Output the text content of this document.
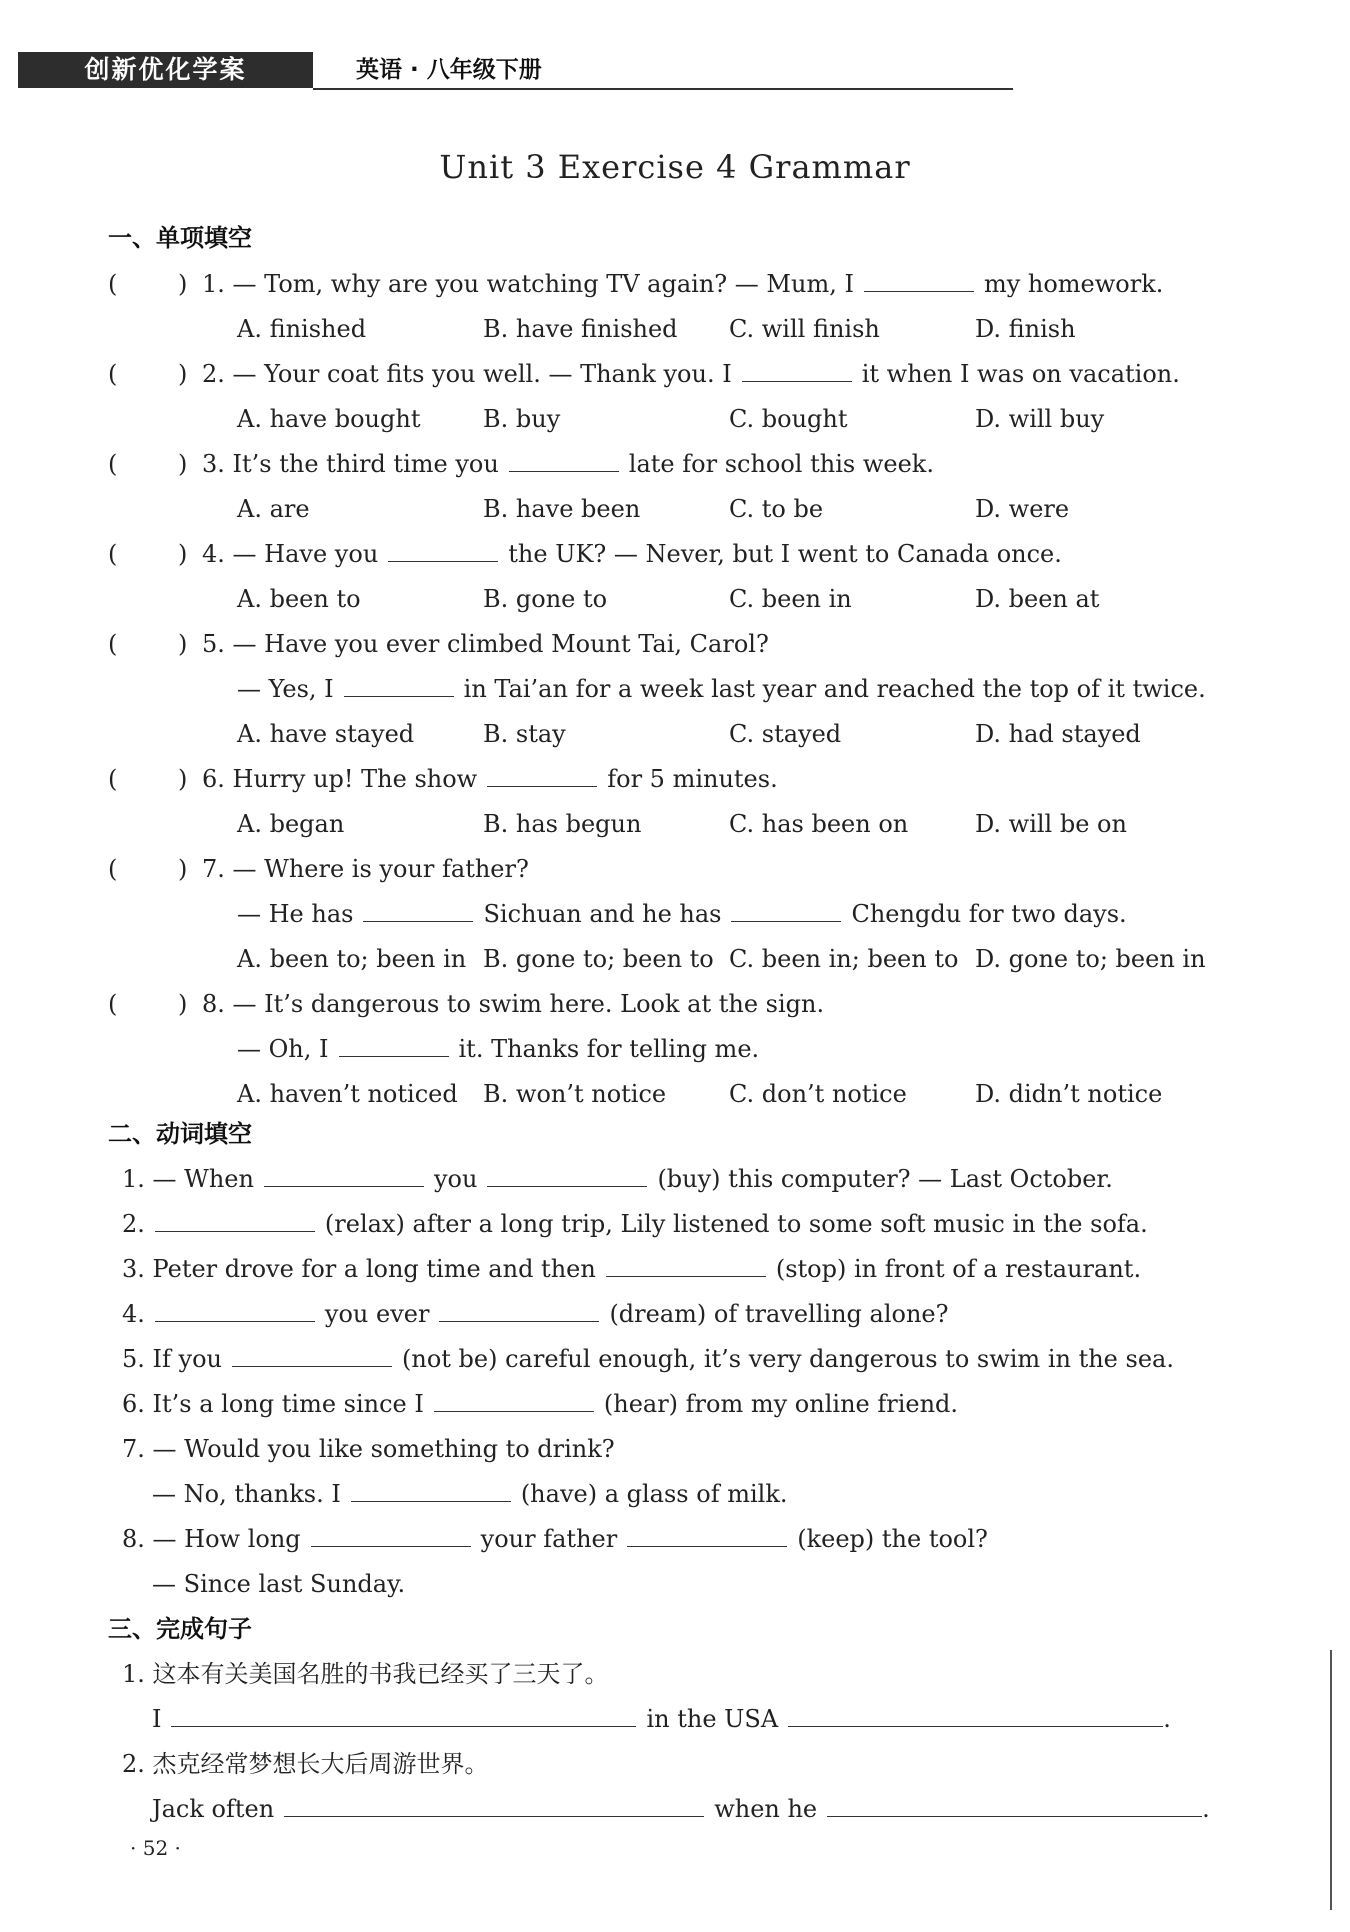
创新优化学案	英语 · 八年级下册
Unit 3 Exercise 4 Grammar
一、单项填空
(	) 1. — Tom, why are you watching TV again? — Mum, I	my homework.
A. finished	B. have finished C. will finish	D. finish
(	) 2. — Your coat fits you well. — Thank you. I	it when I was on vacation.
A. have bought	B. buy	C. bought	D. will buy
(	) 3. It’s the third time you	late for school this week.
A. are	B. have been	C. to be	D. were
(	) 4. — Have you	the UK? — Never, but I went to Canada once.
A. been to	B. gone to	C. been in	D. been at
(	) 5. — Have you ever climbed Mount Tai, Carol?
— Yes, I	in Tai’an for a week last year and reached the top of it twice.
A. have stayed	B. stay	C. stayed	D. had stayed
(	) 6. Hurry up! The show	for 5 minutes.
A. began	B. has begun	C. has been on	D. will be on
(	) 7. — Where is your father?
— He has	Sichuan and he has	Chengdu for two days.
A. been to; been in B. gone to; been to C. been in; been to D. gone to; been in
(	) 8. — It’s dangerous to swim here. Look at the sign.
— Oh, I	it. Thanks for telling me.
A. haven’t noticed B. won’t notice	C. don’t notice	D. didn’t notice
二、动词填空
1. — When	you	(buy) this computer? — Last October.
2.	(relax) after a long trip, Lily listened to some soft music in the sofa.
3. Peter drove for a long time and then	(stop) in front of a restaurant.
4.	you ever	(dream) of travelling alone?
5. If you	(not be) careful enough, it’s very dangerous to swim in the sea.
6. It’s a long time since I	(hear) from my online friend.
7. — Would you like something to drink?
— No, thanks. I	(have) a glass of milk.
8. — How long	your father	(keep) the tool?
— Since last Sunday.
三、完成句子
1. 这本有关美国名胜的书我已经买了三天了。
I	in the USA	.
2. 杰克经常梦想长大后周游世界。
Jack often	when he	.
· 52 ·
